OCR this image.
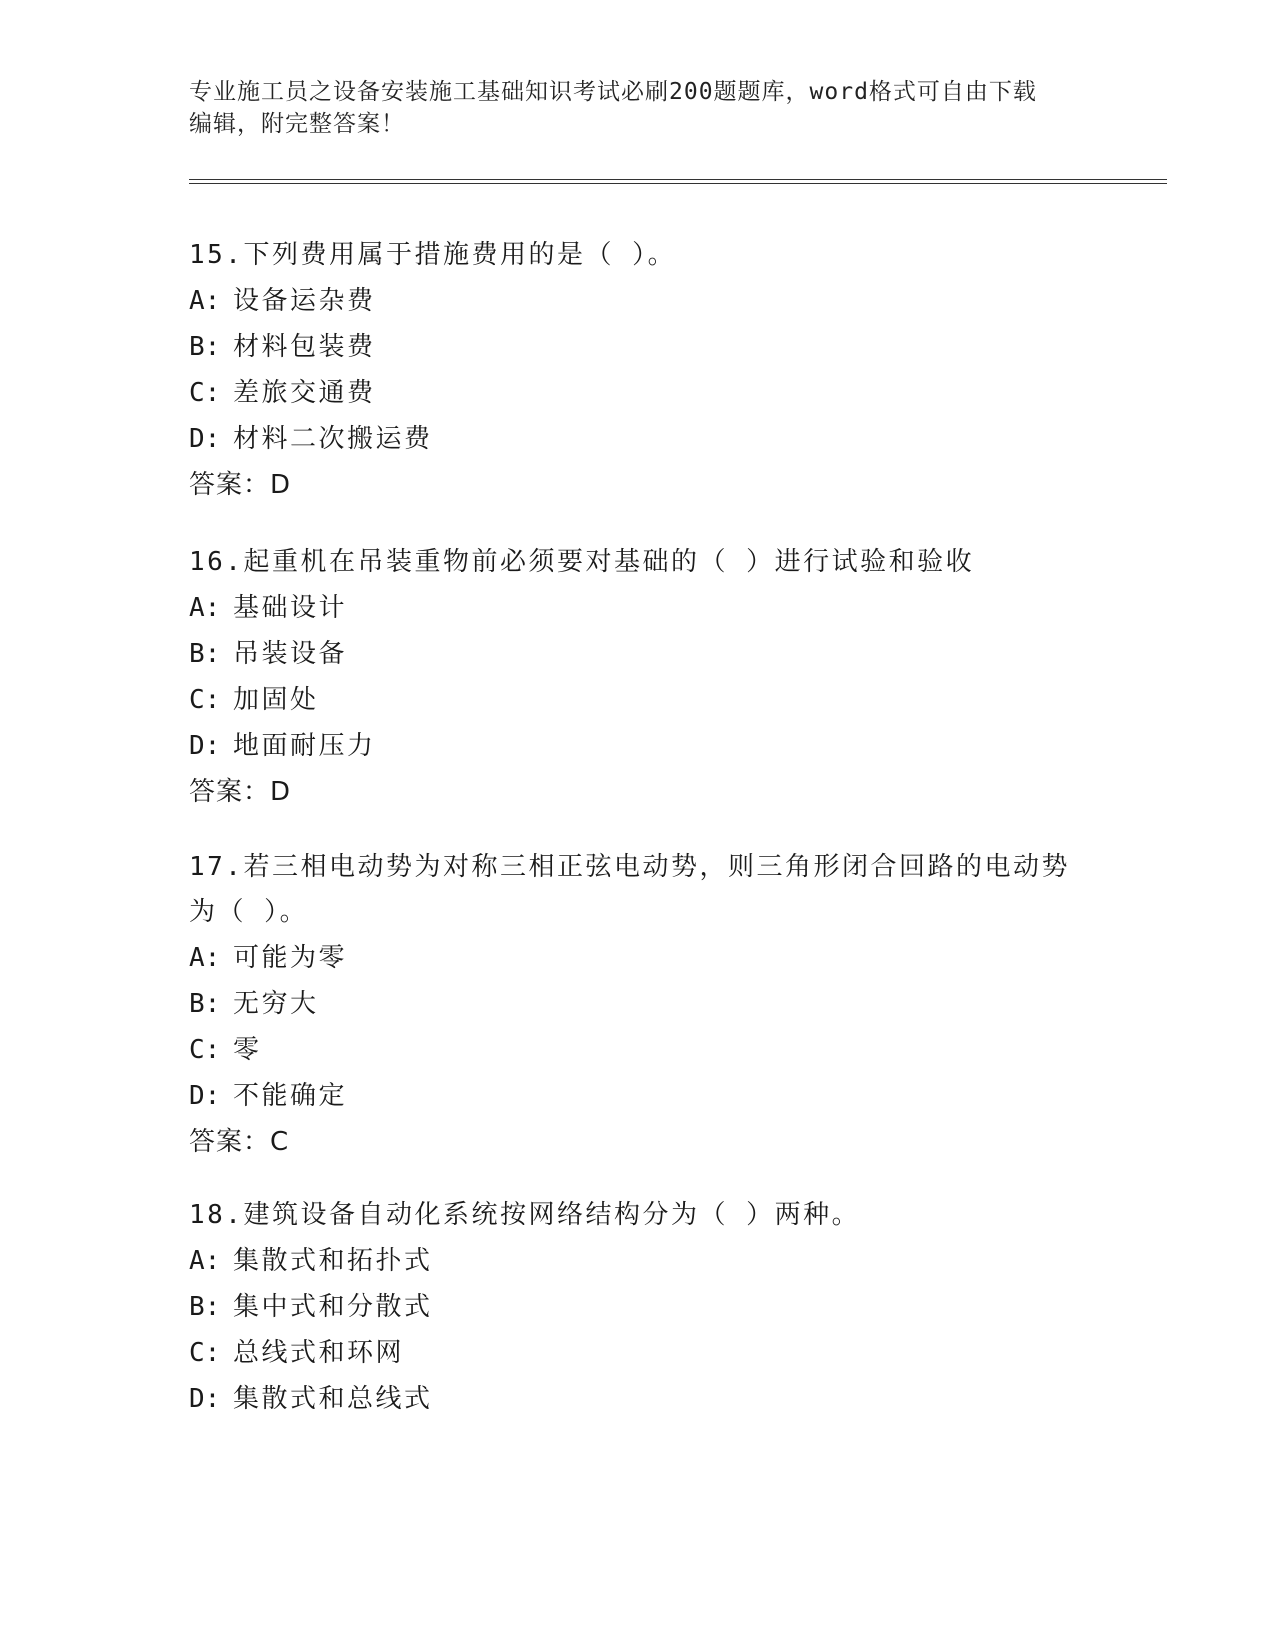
专业施工员之设备安装施工基础知识考试必刷200题题库，word格式可自由下载
编辑，附完整答案！

15.下列费用属于措施费用的是（ ）。

A: 设备运杂费

B: 材料包装费

C: 差旅交通费

D: 材料二次搬运费

答案：D

16.起重机在吊装重物前必须要对基础的（ ）进行试验和验收

A: 基础设计

B: 吊装设备

C: 加固处

D: 地面耐压力

答案：D

17.若三相电动势为对称三相正弦电动势，则三角形闭合回路的电动势为（ ）。

A: 可能为零

B: 无穷大

C: 零

D: 不能确定

答案：C

18.建筑设备自动化系统按网络结构分为（ ）两种。

A: 集散式和拓扑式

B: 集中式和分散式

C: 总线式和环网

D: 集散式和总线式
